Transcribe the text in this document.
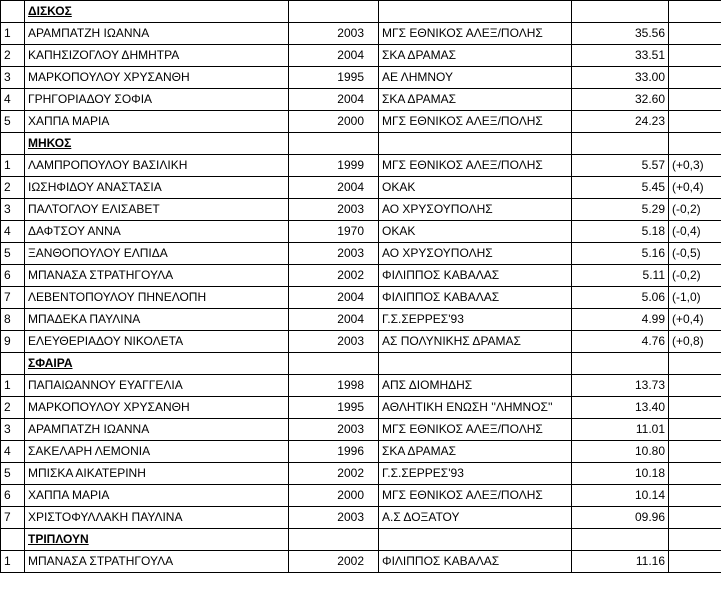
	ΔΙΣΚΟΣ				
1	ΑΡΑΜΠΑΤΖΗ ΙΩΑΝΝΑ	2003	ΜΓΣ ΕΘΝΙΚΟΣ ΑΛΕΞ/ΠΟΛΗΣ	35.56	
2	ΚΑΠΗΣΙΖΟΓΛΟΥ ΔΗΜΗΤΡΑ	2004	ΣΚΑ ΔΡΑΜΑΣ	33.51	
3	ΜΑΡΚΟΠΟΥΛΟΥ ΧΡΥΣΑΝΘΗ	1995	ΑΕ ΛΗΜΝΟΥ	33.00	
4	ΓΡΗΓΟΡΙΑΔΟΥ ΣΟΦΙΑ	2004	ΣΚΑ ΔΡΑΜΑΣ	32.60	
5	ΧΑΠΠΑ ΜΑΡΙΑ	2000	ΜΓΣ ΕΘΝΙΚΟΣ ΑΛΕΞ/ΠΟΛΗΣ	24.23	
	ΜΗΚΟΣ				
1	ΛΑΜΠΡΟΠΟΥΛΟΥ ΒΑΣΙΛΙΚΗ	1999	ΜΓΣ ΕΘΝΙΚΟΣ ΑΛΕΞ/ΠΟΛΗΣ	5.57	(+0,3)
2	ΙΩΣΗΦΙΔΟΥ ΑΝΑΣΤΑΣΙΑ	2004	ΟΚΑΚ	5.45	(+0,4)
3	ΠΑΛΤΟΓΛΟΥ ΕΛΙΣΑΒΕΤ	2003	ΑΟ ΧΡΥΣΟΥΠΟΛΗΣ	5.29	(-0,2)
4	ΔΑΦΤΣΟΥ ΑΝΝΑ	1970	ΟΚΑΚ	5.18	(-0,4)
5	ΞΑΝΘΟΠΟΥΛΟΥ ΕΛΠΙΔΑ	2003	ΑΟ ΧΡΥΣΟΥΠΟΛΗΣ	5.16	(-0,5)
6	ΜΠΑΝΑΣΑ ΣΤΡΑΤΗΓΟΥΛΑ	2002	ΦΙΛΙΠΠΟΣ ΚΑΒΑΛΑΣ	5.11	(-0,2)
7	ΛΕΒΕΝΤΟΠΟΥΛΟΥ ΠΗΝΕΛΟΠΗ	2004	ΦΙΛΙΠΠΟΣ ΚΑΒΑΛΑΣ	5.06	(-1,0)
8	ΜΠΑΔΕΚΑ ΠΑΥΛΙΝΑ	2004	Γ.Σ.ΣΕΡΡΕΣ'93	4.99	(+0,4)
9	ΕΛΕΥΘΕΡΙΑΔΟΥ ΝΙΚΟΛΕΤΑ	2003	ΑΣ ΠΟΛΥΝΙΚΗΣ ΔΡΑΜΑΣ	4.76	(+0,8)
	ΣΦΑΙΡΑ				
1	ΠΑΠΑΙΩΑΝΝΟΥ ΕΥΑΓΓΕΛΙΑ	1998	ΑΠΣ ΔΙΟΜΗΔΗΣ	13.73	
2	ΜΑΡΚΟΠΟΥΛΟΥ ΧΡΥΣΑΝΘΗ	1995	ΑΘΛΗΤΙΚΗ ΕΝΩΣΗ ''ΛΗΜΝΟΣ''	13.40	
3	ΑΡΑΜΠΑΤΖΗ ΙΩΑΝΝΑ	2003	ΜΓΣ ΕΘΝΙΚΟΣ ΑΛΕΞ/ΠΟΛΗΣ	11.01	
4	ΣΑΚΕΛΑΡΗ ΛΕΜΟΝΙΑ	1996	ΣΚΑ ΔΡΑΜΑΣ	10.80	
5	ΜΠΙΣΚΑ ΑΙΚΑΤΕΡΙΝΗ	2002	Γ.Σ.ΣΕΡΡΕΣ'93	10.18	
6	ΧΑΠΠΑ ΜΑΡΙΑ	2000	ΜΓΣ ΕΘΝΙΚΟΣ ΑΛΕΞ/ΠΟΛΗΣ	10.14	
7	ΧΡΙΣΤΟΦΥΛΛΑΚΗ ΠΑΥΛΙΝΑ	2003	Α.Σ ΔΟΞΑΤΟΥ	09.96	
	ΤΡΙΠΛΟΥΝ				
1	ΜΠΑΝΑΣΑ ΣΤΡΑΤΗΓΟΥΛΑ	2002	ΦΙΛΙΠΠΟΣ ΚΑΒΑΛΑΣ	11.16	
